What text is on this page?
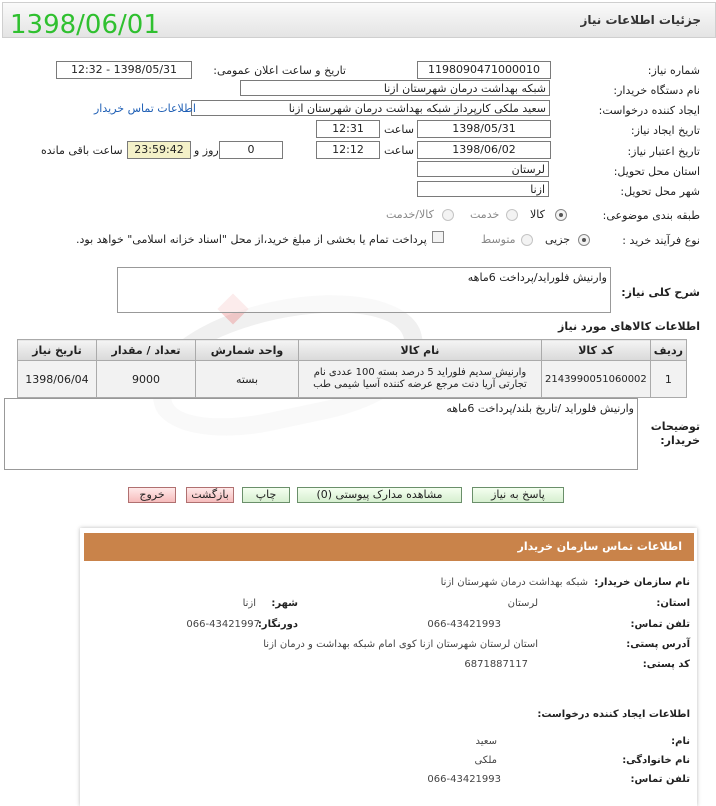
جزئیات اطلاعات نیاز
1398/06/01
شماره نیاز:
1198090471000010
تاریخ و ساعت اعلان عمومی:
1398/05/31 - 12:32
نام دستگاه خریدار:
شبکه بهداشت درمان شهرستان ازنا
ایجاد کننده درخواست:
سعید ملکی کارپرداز شبکه بهداشت درمان شهرستان ازنا
اطلاعات تماس خریدار
تاریخ ایجاد نیاز:
1398/05/31
ساعت
12:31
تاریخ اعتبار نیاز:
1398/06/02
ساعت
12:12
0
روز و
23:59:42
ساعت باقی مانده
استان محل تحویل:
لرستان
شهر محل تحویل:
ازنا
طبقه بندی موضوعی:
کالا
خدمت
کالا/خدمت
نوع فرآیند خرید :
جزیی
متوسط
پرداخت تمام یا بخشی از مبلغ خرید،از محل "اسناد خزانه اسلامی" خواهد بود.
شرح کلی نیاز:
وارنیش فلوراید/پرداخت 6ماهه
اطلاعات کالاهای مورد نیاز
ردیف	کد کالا	نام کالا	واحد شمارش	تعداد / مقدار	تاریخ نیاز
1	2143990051060002	وارنیش سدیم فلوراید 5 درصد بسته 100 عددی نام تجارتی آریا دنت مرجع عرضه کننده آسیا شیمی طب	بسته	9000	1398/06/04
توضیحات خریدار:
وارنیش فلوراید /تاریخ بلند/پرداخت 6ماهه
پاسخ به نیاز
مشاهده مدارک پیوستی (0)
چاپ
بازگشت
خروج
اطلاعات تماس سازمان خریدار
نام سازمان خریدار:
شبکه بهداشت درمان شهرستان ازنا
استان:
لرستان
شهر:
ازنا
تلفن تماس:
066-43421993
دورنگار:
066-43421997
آدرس پستی:
استان لرستان شهرستان ازنا کوی امام شبکه بهداشت و درمان ازنا
کد پستی:
6871887117
اطلاعات ایجاد کننده درخواست:
نام:
سعید
نام خانوادگی:
ملکی
تلفن تماس:
066-43421993
